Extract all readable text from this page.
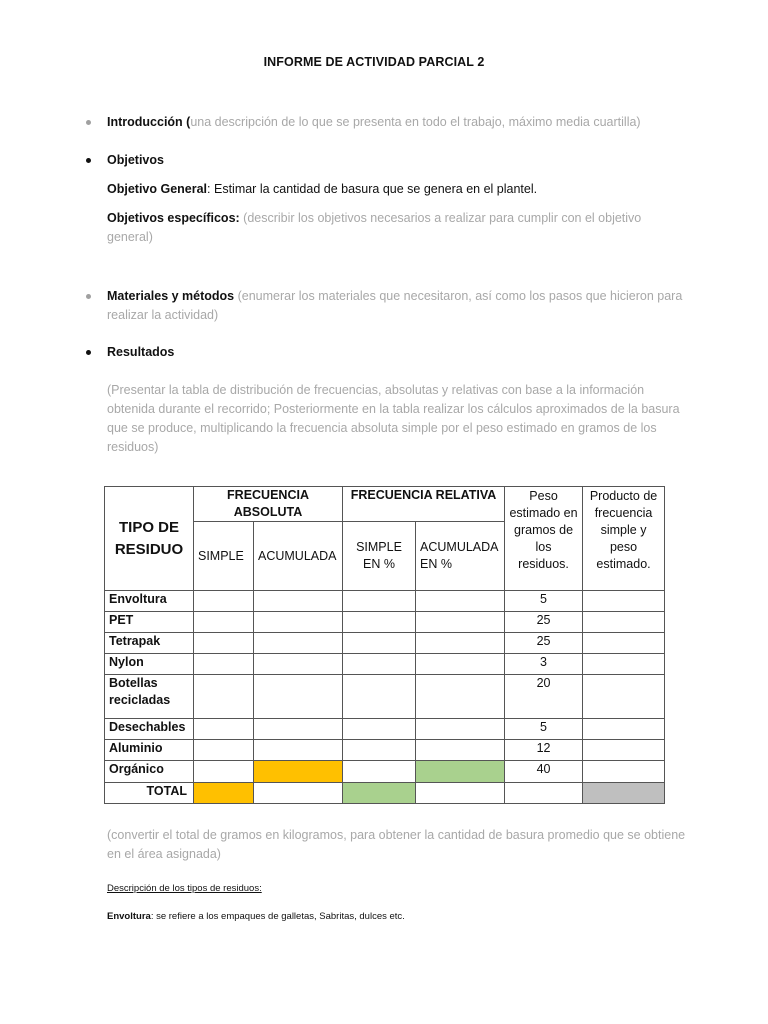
INFORME DE ACTIVIDAD PARCIAL 2
Introducción (una descripción de lo que se presenta en todo el trabajo, máximo media cuartilla)
Objetivos
Objetivo General: Estimar la cantidad de basura que se genera en el plantel.
Objetivos específicos: (describir los objetivos necesarios a realizar para cumplir con el objetivo general)
Materiales y métodos (enumerar los materiales que necesitaron, así como los pasos que hicieron para realizar la actividad)
Resultados
(Presentar la tabla de distribución de frecuencias, absolutas y relativas con base a la información obtenida durante el recorrido; Posteriormente en la tabla realizar los cálculos aproximados de la basura que se produce, multiplicando la frecuencia absoluta simple por el peso estimado en gramos de los residuos)
TIPO DE RESIDUO	FRECUENCIA ABSOLUTA		FRECUENCIA RELATIVA		Peso estimado en gramos de los residuos.	Producto de frecuencia simple y peso estimado.
	SIMPLE	ACUMULADA	SIMPLE EN %	ACUMULADA EN %		
Envoltura					5	
PET					25	
Tetrapak					25	
Nylon					3	
Botellas recicladas					20	
Desechables					5	
Aluminio					12	
Orgánico					40	
TOTAL						
(convertir el total de gramos en kilogramos, para obtener la cantidad de basura promedio que se obtiene en el área asignada)
Descripción de los tipos de residuos:
Envoltura: se refiere a los empaques de galletas, Sabritas, dulces etc.
